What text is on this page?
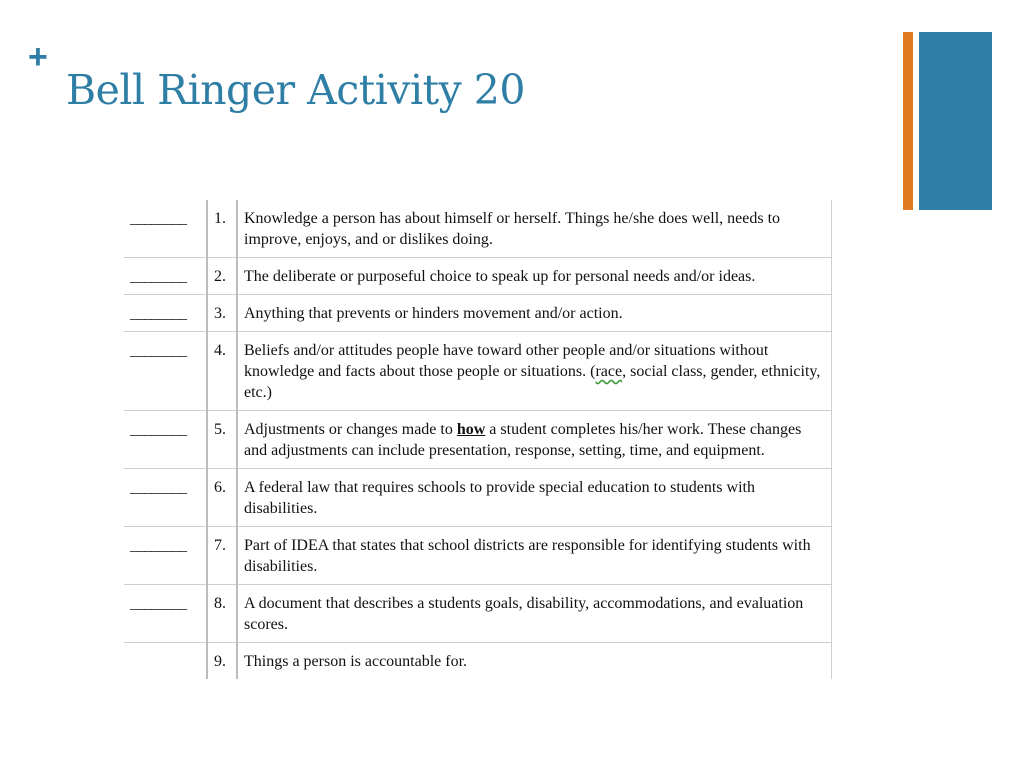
+
Bell Ringer Activity 20
________	1.	Knowledge a person has about himself or herself. Things he/she does well, needs to improve, enjoys, and or dislikes doing.
________	2.	The deliberate or purposeful choice to speak up for personal needs and/or ideas.
________	3.	Anything that prevents or hinders movement and/or action.
________	4.	Beliefs and/or attitudes people have toward other people and/or situations without knowledge and facts about those people or situations. (race, social class, gender, ethnicity, etc.)
________	5.	Adjustments or changes made to how a student completes his/her work. These changes and adjustments can include presentation, response, setting, time, and equipment.
________	6.	A federal law that requires schools to provide special education to students with disabilities.
________	7.	Part of IDEA that states that school districts are responsible for identifying students with disabilities.
________	8.	A document that describes a students goals, disability, accommodations, and evaluation scores.
	9.	Things a person is accountable for.
